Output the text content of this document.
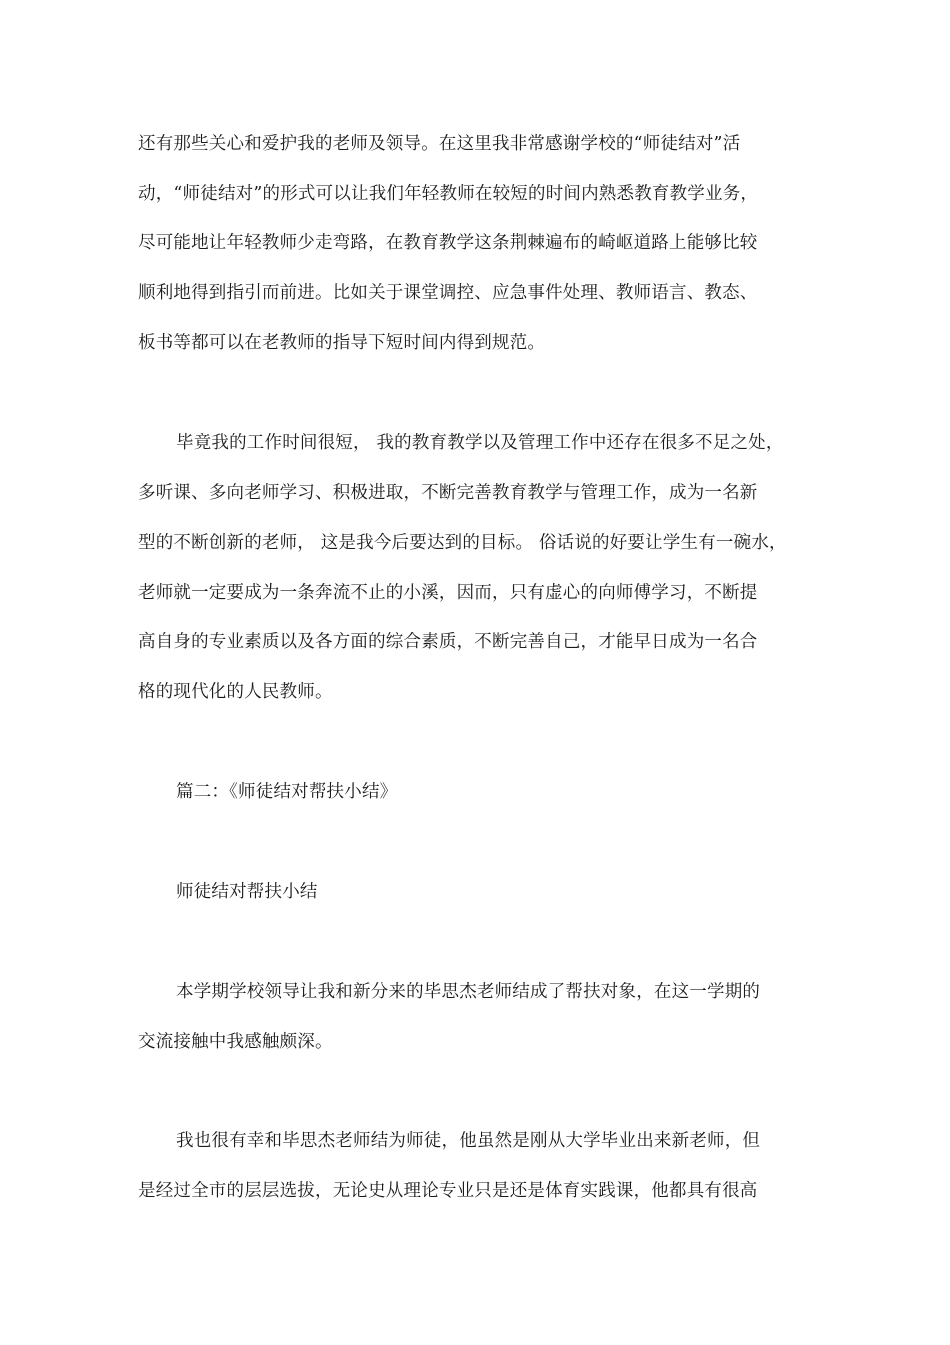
还有那些关心和爱护我的老师及领导。在这里我非常感谢学校的“师徒结对”活
动，“师徒结对”的形式可以让我们年轻教师在较短的时间内熟悉教育教学业务，
尽可能地让年轻教师少走弯路，在教育教学这条荆棘遍布的崎岖道路上能够比较
顺利地得到指引而前进。比如关于课堂调控、应急事件处理、教师语言、教态、
板书等都可以在老教师的指导下短时间内得到规范。
毕竟我的工作时间很短， 我的教育教学以及管理工作中还存在很多不足之处，
多听课、多向老师学习、积极进取，不断完善教育教学与管理工作，成为一名新
型的不断创新的老师， 这是我今后要达到的目标。 俗话说的好要让学生有一碗水，
老师就一定要成为一条奔流不止的小溪，因而，只有虚心的向师傅学习，不断提
高自身的专业素质以及各方面的综合素质，不断完善自己，才能早日成为一名合
格的现代化的人民教师。
篇二：《师徒结对帮扶小结》
师徒结对帮扶小结
本学期学校领导让我和新分来的毕思杰老师结成了帮扶对象，在这一学期的
交流接触中我感触颇深。
我也很有幸和毕思杰老师结为师徒，他虽然是刚从大学毕业出来新老师，但
是经过全市的层层选拔，无论史从理论专业只是还是体育实践课，他都具有很高
